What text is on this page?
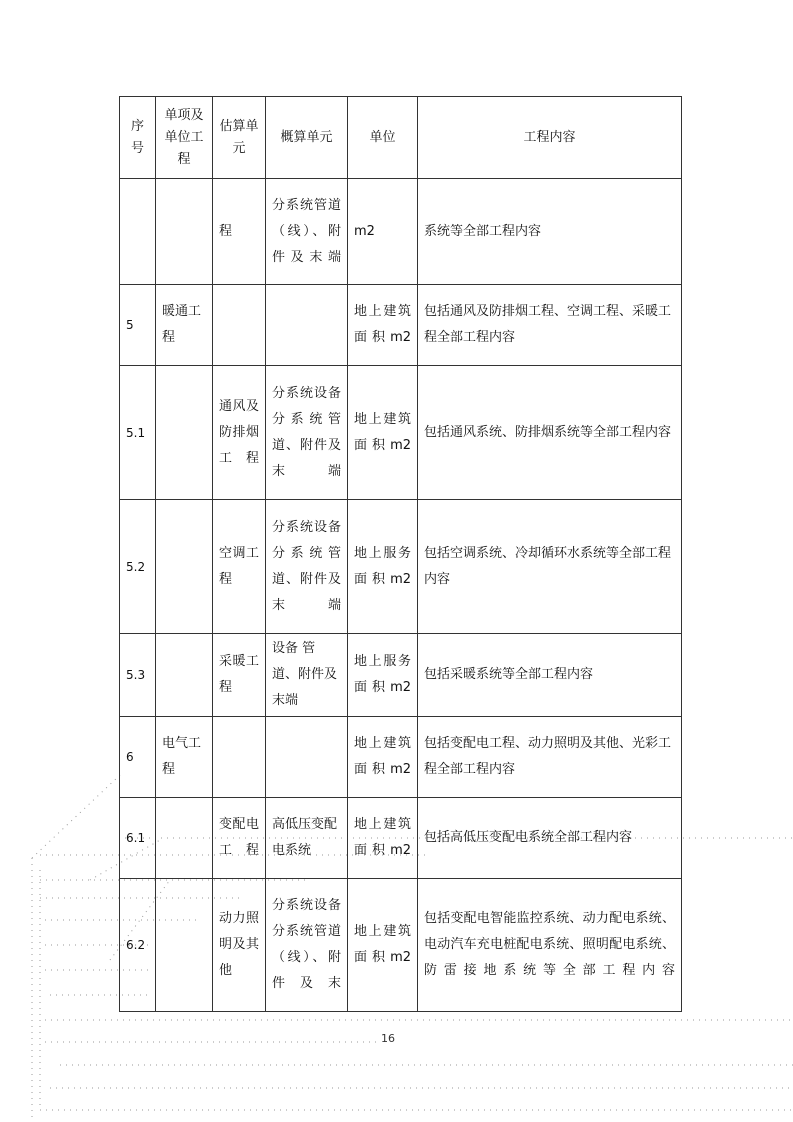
序号	单项及单位工程	估算单元	概算单元	单位	工程内容
		程	分系统管道（线）、附件及末端	m2	系统等全部工程内容
5	暖通工程			地上建筑面积m2	包括通风及防排烟工程、空调工程、采暖工程全部工程内容
5.1		通风及防排烟工程	分系统设备 分系统管道、附件及末端	地上建筑面积m2	包括通风系统、防排烟系统等全部工程内容
5.2		空调工程	分系统设备 分系统管道、附件及末端	地上服务面积m2	包括空调系统、冷却循环水系统等全部工程内容
5.3		采暖工程	设备 管道、附件及末端	地上服务面积m2	包括采暖系统等全部工程内容
6	电气工程			地上建筑面积m2	包括变配电工程、动力照明及其他、光彩工程全部工程内容
6.1		变配电工程	高低压变配电系统	地上建筑面积m2	包括高低压变配电系统全部工程内容
6.2		动力照明及其他	分系统设备 分系统管道（线）、附件及末	地上建筑面积m2	包括变配电智能监控系统、动力配电系统、电动汽车充电桩配电系统、照明配电系统、防雷接地系统等全部工程内容
16
